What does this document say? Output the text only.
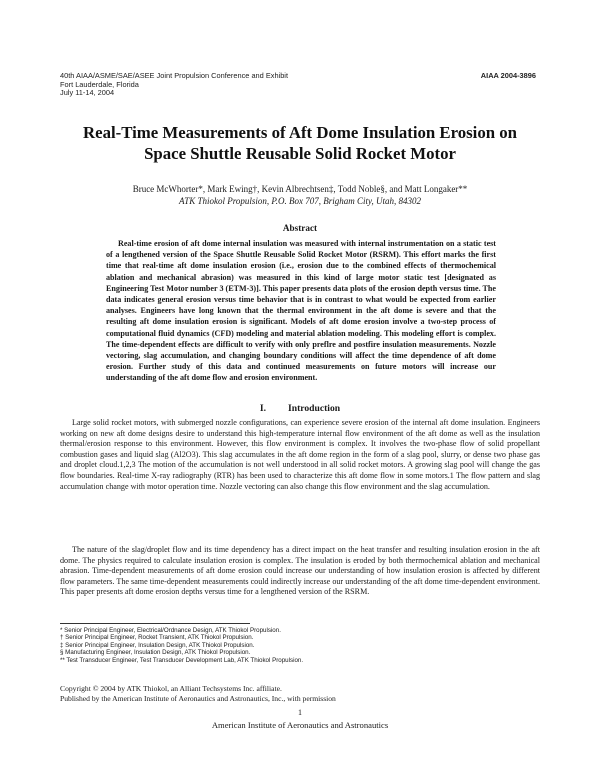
40th AIAA/ASME/SAE/ASEE Joint Propulsion Conference and Exhibit
Fort Lauderdale, Florida
July 11-14, 2004
AIAA 2004-3896
Real-Time Measurements of Aft Dome Insulation Erosion on
Space Shuttle Reusable Solid Rocket Motor
Bruce McWhorter*, Mark Ewing†, Kevin Albrechtsen‡, Todd Noble§, and Matt Longaker**
ATK Thiokol Propulsion, P.O. Box 707, Brigham City, Utah, 84302
Abstract

Real-time erosion of aft dome internal insulation was measured with internal instrumentation on a static test of a lengthened version of the Space Shuttle Reusable Solid Rocket Motor (RSRM). This effort marks the first time that real-time aft dome insulation erosion (i.e., erosion due to the combined effects of thermochemical ablation and mechanical abrasion) was measured in this kind of large motor static test [designated as Engineering Test Motor number 3 (ETM-3)]. This paper presents data plots of the erosion depth versus time. The data indicates general erosion versus time behavior that is in contrast to what would be expected from earlier analyses. Engineers have long known that the thermal environment in the aft dome is severe and that the resulting aft dome insulation erosion is significant. Models of aft dome erosion involve a two-step process of computational fluid dynamics (CFD) modeling and material ablation modeling. This modeling effort is complex. The time-dependent effects are difficult to verify with only preflre and postfire insulation measurements. Nozzle vectoring, slag accumulation, and changing boundary conditions will affect the time dependence of aft dome erosion. Further study of this data and continued measurements on future motors will increase our understanding of the aft dome flow and erosion environment.

I. Introduction

Large solid rocket motors, with submerged nozzle configurations, can experience severe erosion of the internal aft dome insulation. Engineers working on new aft dome designs desire to understand this high-temperature internal flow environment of the aft dome as well as the insulation thermal/erosion response to this environment. However, this flow environment is complex. It involves the two-phase flow of solid propellant combustion gases and liquid slag (Al2O3). This slag accumulates in the aft dome region in the form of a slag pool, slurry, or dense two phase gas and droplet cloud.1,2,3 The motion of the accumulation is not well understood in all solid rocket motors. A growing slag pool will change the gas flow boundaries. Real-time X-ray radiography (RTR) has been used to characterize this aft dome flow in some motors.1 The flow pattern and slag accumulation change with motor operation time. Nozzle vectoring can also change this flow environment and the slag accumulation.

The nature of the slag/droplet flow and its time dependency has a direct impact on the heat transfer and resulting insulation erosion in the aft dome. The physics required to calculate insulation erosion is complex. The insulation is eroded by both thermochemical ablation and mechanical abrasion. Time-dependent measurements of aft dome erosion could increase our understanding of how insulation erosion is affected by different flow parameters. The same time-dependent measurements could indirectly increase our understanding of the aft dome time-dependent environment. This paper presents aft dome erosion depths versus time for a lengthened version of the RSRM.

* Senior Principal Engineer, Electrical/Ordnance Design, ATK Thiokol Propulsion.
† Senior Principal Engineer, Rocket Transient, ATK Thiokol Propulsion.
‡ Senior Principal Engineer, Insulation Design, ATK Thiokol Propulsion.
§ Manufacturing Engineer, Insulation Design, ATK Thiokol Propulsion.
** Test Transducer Engineer, Test Transducer Development Lab, ATK Thiokol Propulsion.
Copyright © 2004 by ATK Thiokol, an Alliant Techsystems Inc. affiliate.
Published by the American Institute of Aeronautics and Astronautics, Inc., with permission
1
American Institute of Aeronautics and Astronautics
